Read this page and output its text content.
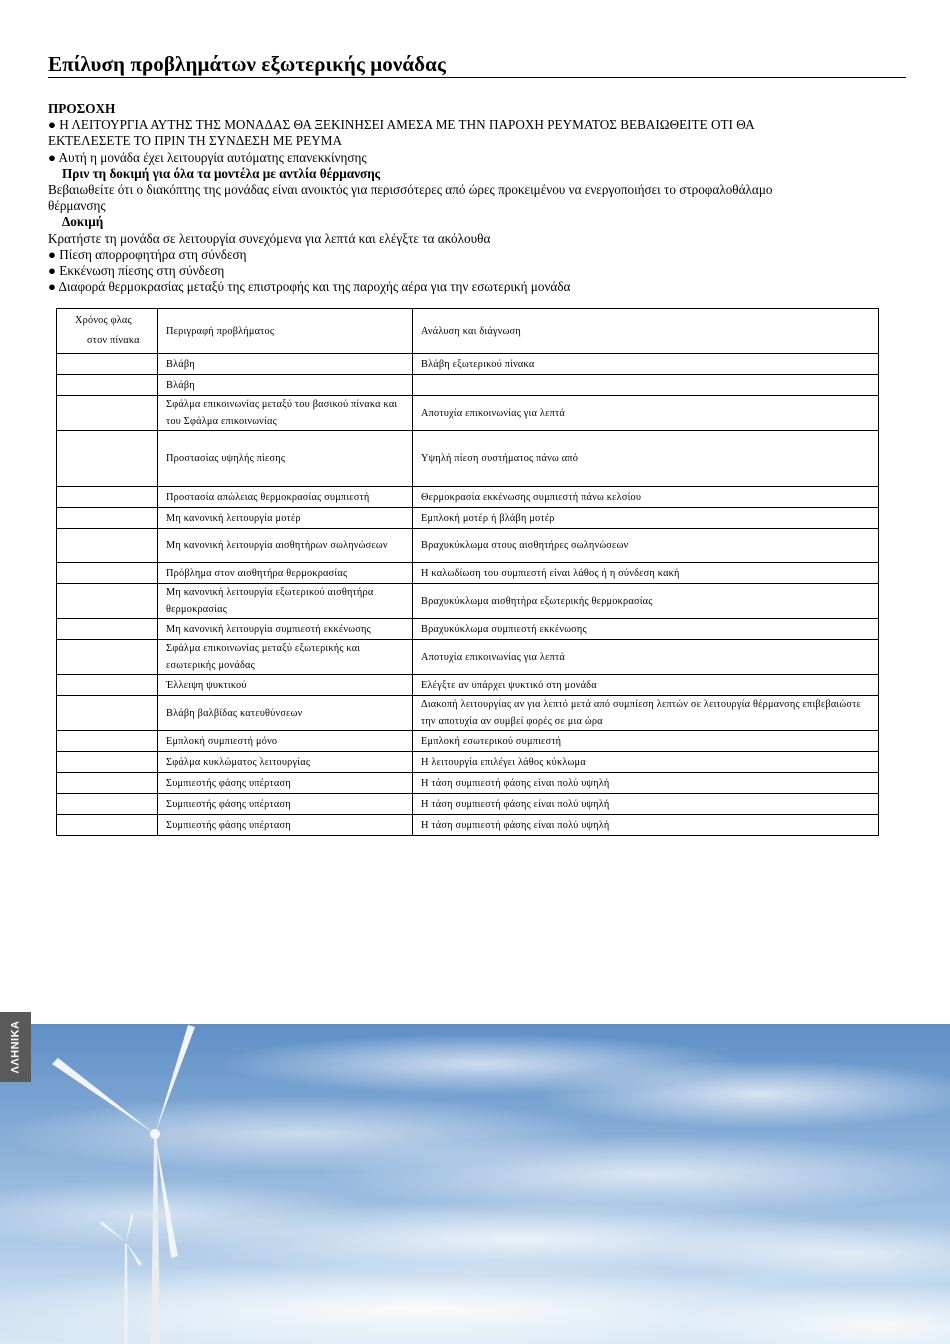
Επίλυση προβλημάτων εξωτερικής μονάδας

ΠΡΟΣΟΧΗ

● Η ΛΕΙΤΟΥΡΓΙΑ ΑΥΤΗΣ ΤΗΣ ΜΟΝΑΔΑΣ ΘΑ ΞΕΚΙΝΗΣΕΙ ΑΜΕΣΑ ΜΕ ΤΗΝ ΠΑΡΟΧΗ ΡΕΥΜΑΤΟΣ ΒΕΒΑΙΩΘΕΙΤΕ ΟΤΙ ΘΑ

ΕΚΤΕΛΕΣΕΤΕ ΤΟ ΠΡΙΝ ΤΗ ΣΥΝΔΕΣΗ ΜΕ ΡΕΥΜΑ

● Αυτή η μονάδα έχει λειτουργία αυτόματης επανεκκίνησης

Πριν τη δοκιμή για όλα τα μοντέλα με αντλία θέρμανσης

Βεβαιωθείτε ότι ο διακόπτης της μονάδας είναι ανοικτός για περισσότερες από ώρες προκειμένου να ενεργοποιήσει το στροφαλοθάλαμο

θέρμανσης

Δοκιμή

Κρατήστε τη μονάδα σε λειτουργία συνεχόμενα για λεπτά και ελέγξτε τα ακόλουθα

● Πίεση απορροφητήρα στη σύνδεση

● Εκκένωση πίεσης στη σύνδεση

● Διαφορά θερμοκρασίας μεταξύ της επιστροφής και της παροχής αέρα για την εσωτερική μονάδα

Χρόνος φλας
στον πίνακα	Περιγραφή προβλήματος	Ανάλυση και διάγνωση
	Βλάβη	Βλάβη εξωτερικού πίνακα
	Βλάβη	
	Σφάλμα επικοινωνίας μεταξύ του βασικού πίνακα και του Σφάλμα επικοινωνίας	Αποτυχία επικοινωνίας για λεπτά
	Προστασίας υψηλής πίεσης	Υψηλή πίεση συστήματος πάνω από
	Προστασία απώλειας θερμοκρασίας συμπιεστή	Θερμοκρασία εκκένωσης συμπιεστή πάνω κελσίου
	Μη κανονική λειτουργία μοτέρ	Εμπλοκή μοτέρ ή βλάβη μοτέρ
	Μη κανονική λειτουργία αισθητήρων σωληνώσεων	Βραχυκύκλωμα στους αισθητήρες σωληνώσεων
	Πρόβλημα στον αισθητήρα θερμοκρασίας	Η καλωδίωση του συμπιεστή είναι λάθος ή η σύνδεση κακή
	Μη κανονική λειτουργία εξωτερικού αισθητήρα θερμοκρασίας	Βραχυκύκλωμα αισθητήρα εξωτερικής θερμοκρασίας
	Μη κανονική λειτουργία συμπιεστή εκκένωσης	Βραχυκύκλωμα συμπιεστή εκκένωσης
	Σφάλμα επικοινωνίας μεταξύ εξωτερικής και εσωτερικής μονάδας	Αποτυχία επικοινωνίας για λεπτά
	Έλλειψη ψυκτικού	Ελέγξτε αν υπάρχει ψυκτικό στη μονάδα
	Βλάβη βαλβίδας κατευθύνσεων	Διακοπή λειτουργίας αν για λεπτό μετά από συμπίεση λεπτών σε λειτουργία θέρμανσης επιβεβαιώστε την αποτυχία αν συμβεί φορές σε μια ώρα
	Εμπλοκή συμπιεστή μόνο	Εμπλοκή εσωτερικού συμπιεστή
	Σφάλμα κυκλώματος λειτουργίας	Η λειτουργία επιλέγει λάθος κύκλωμα
	Συμπιεστής φάσης υπέρταση	Η τάση συμπιεστή φάσης είναι πολύ υψηλή
	Συμπιεστής φάσης υπέρταση	Η τάση συμπιεστή φάσης είναι πολύ υψηλή
	Συμπιεστής φάσης υπέρταση	Η τάση συμπιεστή φάσης είναι πολύ υψηλή
ΛΛΗΝΙΚΑ
